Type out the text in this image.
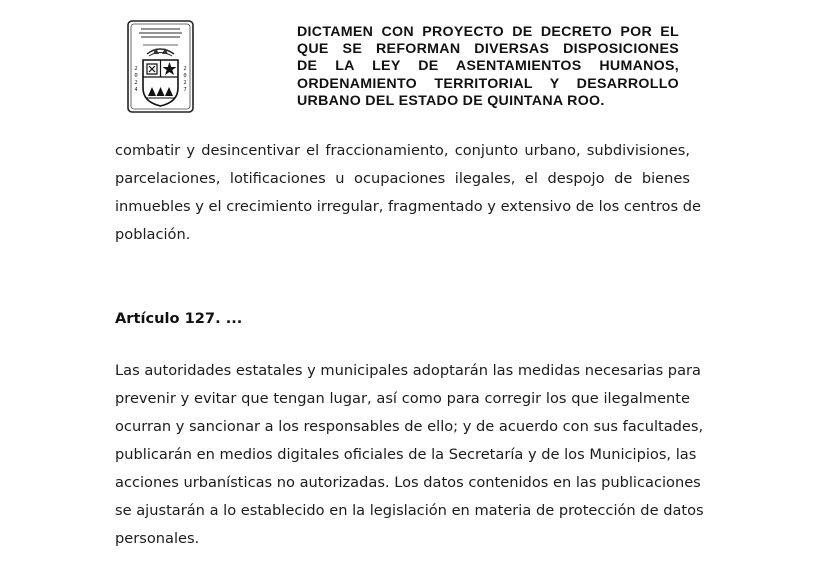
2
0
2
4
2
0
2
7
DICTAMEN CON PROYECTO DE DECRETO POR EL
QUE SE REFORMAN DIVERSAS DISPOSICIONES
DE LA LEY DE ASENTAMIENTOS HUMANOS,
ORDENAMIENTO TERRITORIAL Y DESARROLLO
URBANO DEL ESTADO DE QUINTANA ROO.
combatir y desincentivar el fraccionamiento, conjunto urbano, subdivisiones,
parcelaciones, lotificaciones u ocupaciones ilegales, el despojo de bienes
inmuebles y el crecimiento irregular, fragmentado y extensivo de los centros de
población.
Artículo 127. ...
Las autoridades estatales y municipales adoptarán las medidas necesarias para
prevenir y evitar que tengan lugar, así como para corregir los que ilegalmente
ocurran y sancionar a los responsables de ello; y de acuerdo con sus facultades,
publicarán en medios digitales oficiales de la Secretaría y de los Municipios, las
acciones urbanísticas no autorizadas. Los datos contenidos en las publicaciones
se ajustarán a lo establecido en la legislación en materia de protección de datos
personales.
